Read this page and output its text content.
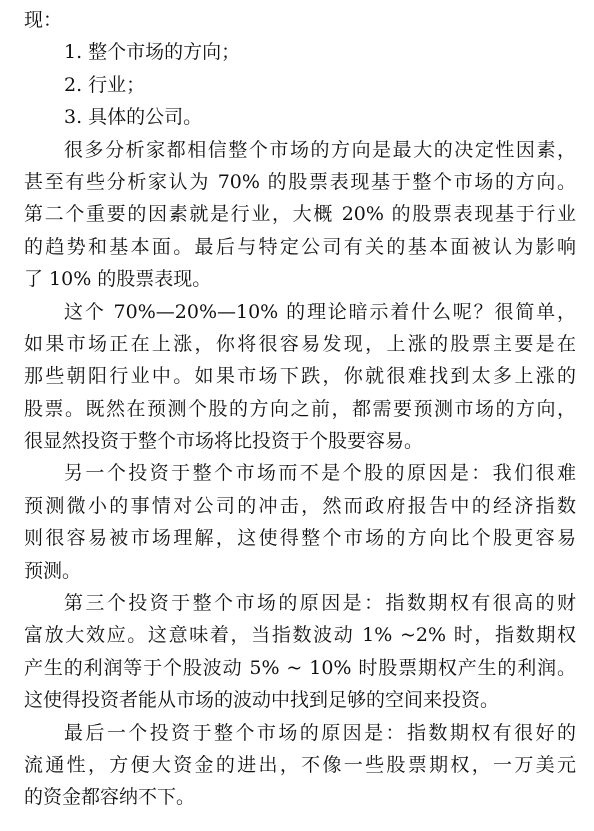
现：
1. 整个市场的方向；
2. 行业；
3. 具体的公司。
很多分析家都相信整个市场的方向是最大的决定性因素，
甚至有些分析家认为 70% 的股票表现基于整个市场的方向。
第二个重要的因素就是行业，大概 20% 的股票表现基于行业
的趋势和基本面。最后与特定公司有关的基本面被认为影响
了 10% 的股票表现。
这个 70%—20%—10% 的理论暗示着什么呢？很简单，
如果市场正在上涨，你将很容易发现，上涨的股票主要是在
那些朝阳行业中。如果市场下跌，你就很难找到太多上涨的
股票。既然在预测个股的方向之前，都需要预测市场的方向，
很显然投资于整个市场将比投资于个股要容易。
另一个投资于整个市场而不是个股的原因是：我们很难
预测微小的事情对公司的冲击，然而政府报告中的经济指数
则很容易被市场理解，这使得整个市场的方向比个股更容易
预测。
第三个投资于整个市场的原因是：指数期权有很高的财
富放大效应。这意味着，当指数波动 1% ~2% 时，指数期权
产生的利润等于个股波动 5% ~ 10% 时股票期权产生的利润。
这使得投资者能从市场的波动中找到足够的空间来投资。
最后一个投资于整个市场的原因是：指数期权有很好的
流通性，方便大资金的进出，不像一些股票期权，一万美元
的资金都容纳不下。
